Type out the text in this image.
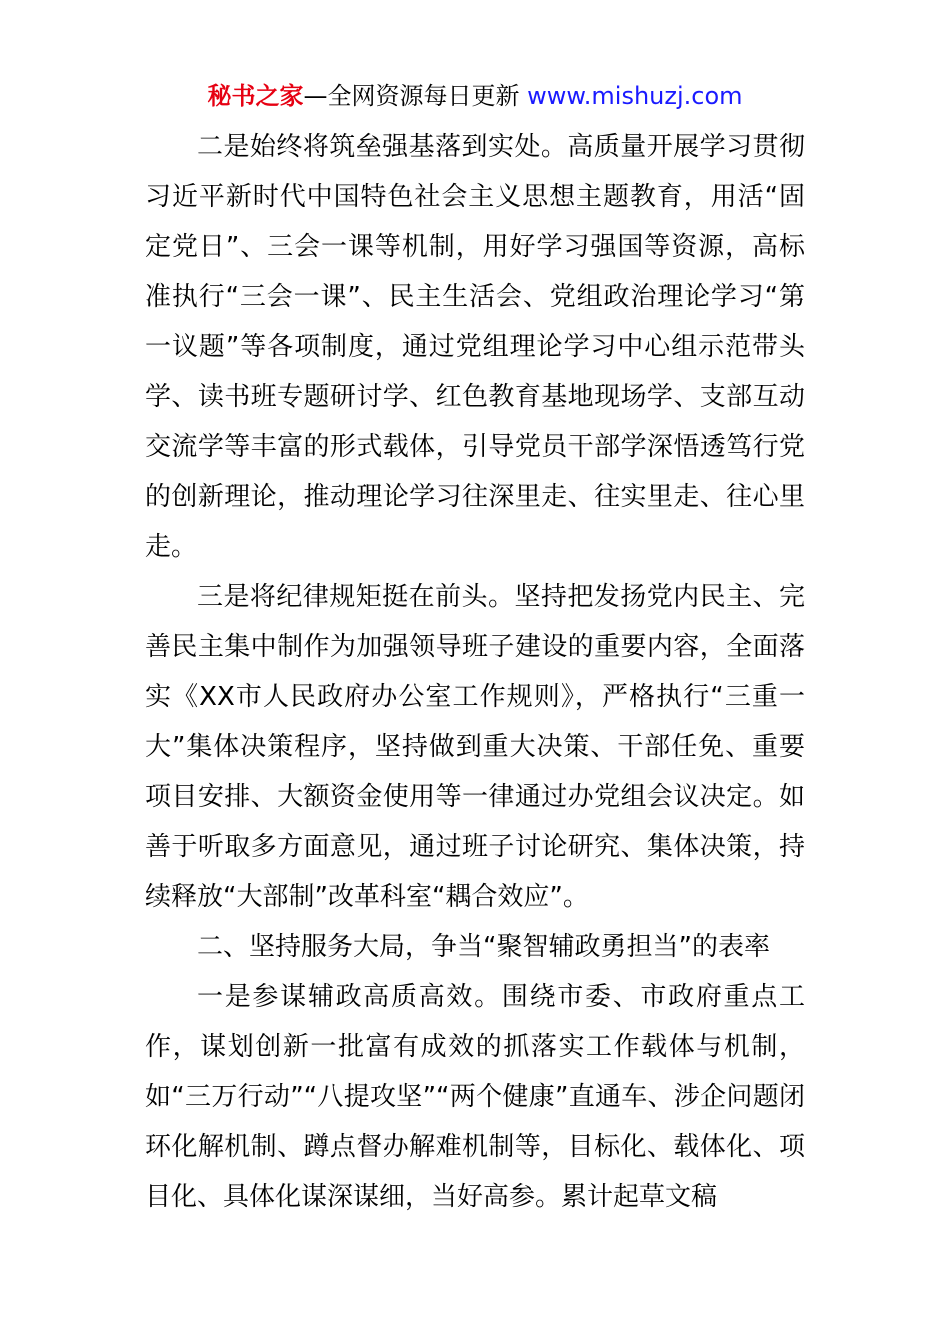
秘书之家—全网资源每日更新 www.mishuzj.com

二是始终将筑垒强基落到实处。高质量开展学习贯彻习近平新时代中国特色社会主义思想主题教育，用活“固定党日”、三会一课等机制，用好学习强国等资源，高标准执行“三会一课”、民主生活会、党组政治理论学习“第一议题”等各项制度，通过党组理论学习中心组示范带头学、读书班专题研讨学、红色教育基地现场学、支部互动交流学等丰富的形式载体，引导党员干部学深悟透笃行党的创新理论，推动理论学习往深里走、往实里走、往心里走。

三是将纪律规矩挺在前头。坚持把发扬党内民主、完善民主集中制作为加强领导班子建设的重要内容，全面落实《XX市人民政府办公室工作规则》，严格执行“三重一大”集体决策程序，坚持做到重大决策、干部任免、重要项目安排、大额资金使用等一律通过办党组会议决定。如善于听取多方面意见，通过班子讨论研究、集体决策，持续释放“大部制”改革科室“耦合效应”。

二、坚持服务大局，争当“聚智辅政勇担当”的表率

一是参谋辅政高质高效。围绕市委、市政府重点工作，谋划创新一批富有成效的抓落实工作载体与机制，如“三万行动”“八提攻坚”“两个健康”直通车、涉企问题闭环化解机制、蹲点督办解难机制等，目标化、载体化、项目化、具体化谋深谋细，当好高参。累计起草文稿
